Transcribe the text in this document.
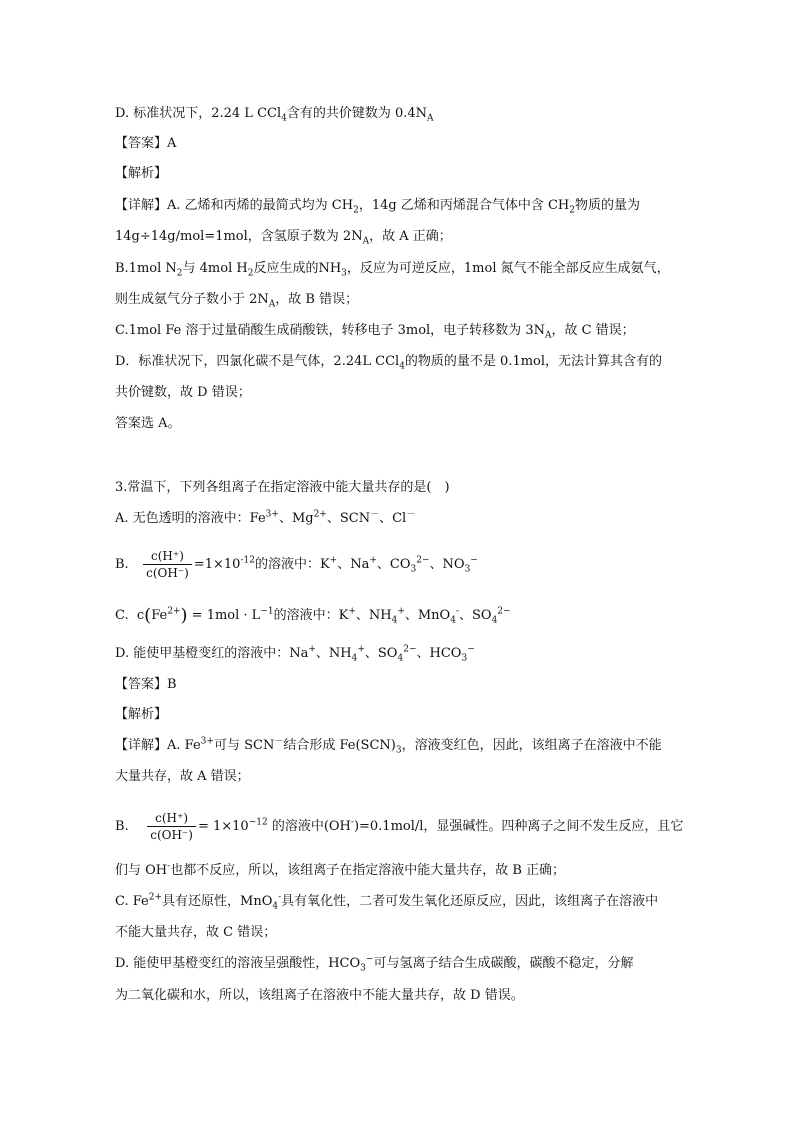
D. 标准状况下，2.24 L CCl$_4$含有的共价键数为 $0.4N_A$
【答案】A
【解析】
【详解】A. 乙烯和丙烯的最简式均为 $CH_2$，14g 乙烯和丙烯混合气体中含 $CH_2$物质的量为
14g÷14g/mol=1mol，含氢原子数为 $2N_A$，故 A 正确；
B.1mol $N_2$与 4mol $H_2$反应生成的$NH_3$，反应为可逆反应，1mol 氮气不能全部反应生成氨气，
则生成氨气分子数小于 $2N_A$，故 B 错误；
C.1mol Fe 溶于过量硝酸生成硝酸铁，转移电子 3mol，电子转移数为 $3N_A$，故 C 错误；
D．标准状况下，四氯化碳不是气体，2.24L CCl$_4$的物质的量不是 0.1mol，无法计算其含有的
共价键数，故 D 错误；
答案选 A。
3.常温下，下列各组离子在指定溶液中能大量共存的是(　)
A. 无色透明的溶液中：$Fe^{3+}$、$Mg^{2+}$、SCN－、Cl－
B. $\frac{c(H^+)}{c(OH^-)} =1\times 10^{-12}$的溶液中：K+、Na+、$CO_3^{2-}$、$NO_3^-$
C. $c(Fe^{2+}) = 1mol \cdot L^{-1}$的溶液中：K+、$NH_4^+$、MnO$_4$-、$SO_4^{2-}$
D. 能使甲基橙变红的溶液中：Na+、$NH_4^+$、$SO_4^{2-}$、$HCO_3^-$
【答案】B
【解析】
【详解】A. $Fe^{3+}$可与 SCN－结合形成 $Fe(SCN)_3$，溶液变红色，因此，该组离子在溶液中不能
大量共存，故 A 错误；
B. $\frac{c(H^+)}{c(OH^-)} = 1\times 10^{-12}$ 的溶液中(OH-)=0.1mol/l，显强碱性。四种离子之间不发生反应，且它
们与 OH-也都不反应，所以，该组离子在指定溶液中能大量共存，故 B 正确；
C. $Fe^{2+}$具有还原性，MnO$_4$-具有氧化性，二者可发生氧化还原反应，因此，该组离子在溶液中
不能大量共存，故 C 错误；
D. 能使甲基橙变红的溶液呈强酸性，$HCO_3^-$可与氢离子结合生成碳酸，碳酸不稳定，分解
为二氧化碳和水，所以，该组离子在溶液中不能大量共存，故 D 错误。
